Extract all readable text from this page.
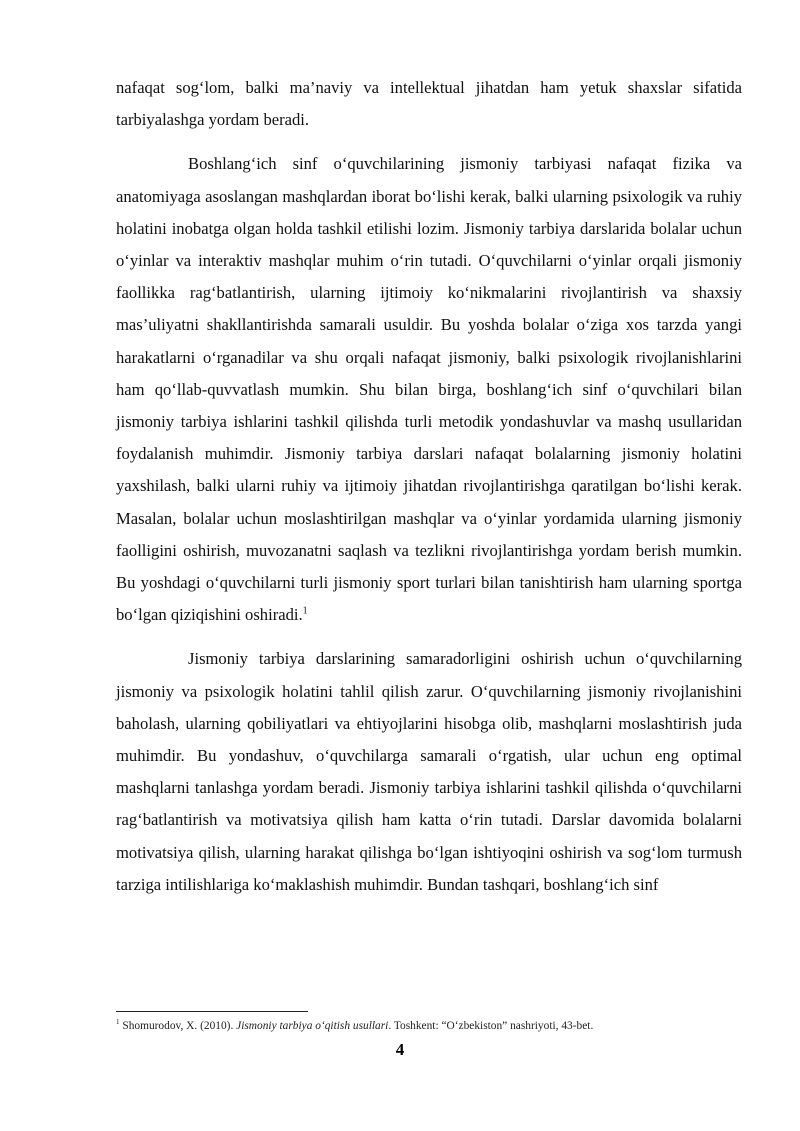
nafaqat sog‘lom, balki ma’naviy va intellektual jihatdan ham yetuk shaxslar sifatida tarbiyalashga yordam beradi.

Boshlang‘ich sinf o‘quvchilarining jismoniy tarbiyasi nafaqat fizika va anatomiyaga asoslangan mashqlardan iborat bo‘lishi kerak, balki ularning psixologik va ruhiy holatini inobatga olgan holda tashkil etilishi lozim. Jismoniy tarbiya darslarida bolalar uchun o‘yinlar va interaktiv mashqlar muhim o‘rin tutadi. O‘quvchilarni o‘yinlar orqali jismoniy faollikka rag‘batlantirish, ularning ijtimoiy ko‘nikmalarini rivojlantirish va shaxsiy mas’uliyatni shakllantirishda samarali usuldir. Bu yoshda bolalar o‘ziga xos tarzda yangi harakatlarni o‘rganadilar va shu orqali nafaqat jismoniy, balki psixologik rivojlanishlarini ham qo‘llab-quvvatlash mumkin. Shu bilan birga, boshlang‘ich sinf o‘quvchilari bilan jismoniy tarbiya ishlarini tashkil qilishda turli metodik yondashuvlar va mashq usullaridan foydalanish muhimdir. Jismoniy tarbiya darslari nafaqat bolalarning jismoniy holatini yaxshilash, balki ularni ruhiy va ijtimoiy jihatdan rivojlantirishga qaratilgan bo‘lishi kerak. Masalan, bolalar uchun moslashtirilgan mashqlar va o‘yinlar yordamida ularning jismoniy faolligini oshirish, muvozanatni saqlash va tezlikni rivojlantirishga yordam berish mumkin. Bu yoshdagi o‘quvchilarni turli jismoniy sport turlari bilan tanishtirish ham ularning sportga bo‘lgan qiziqishini oshiradi.$^1$

Jismoniy tarbiya darslarining samaradorligini oshirish uchun o‘quvchilarning jismoniy va psixologik holatini tahlil qilish zarur. O‘quvchilarning jismoniy rivojlanishini baholash, ularning qobiliyatlari va ehtiyojlarini hisobga olib, mashqlarni moslashtirish juda muhimdir. Bu yondashuv, o‘quvchilarga samarali o‘rgatish, ular uchun eng optimal mashqlarni tanlashga yordam beradi. Jismoniy tarbiya ishlarini tashkil qilishda o‘quvchilarni rag‘batlantirish va motivatsiya qilish ham katta o‘rin tutadi. Darslar davomida bolalarni motivatsiya qilish, ularning harakat qilishga bo‘lgan ishtiyoqini oshirish va sog‘lom turmush tarziga intilishlariga ko‘maklashish muhimdir. Bundan tashqari, boshlang‘ich sinf

$^1$ Shomurodov, X. (2010). Jismoniy tarbiya o‘qitish usullari. Toshkent: “O‘zbekiston” nashriyoti, 43-bet.
4
